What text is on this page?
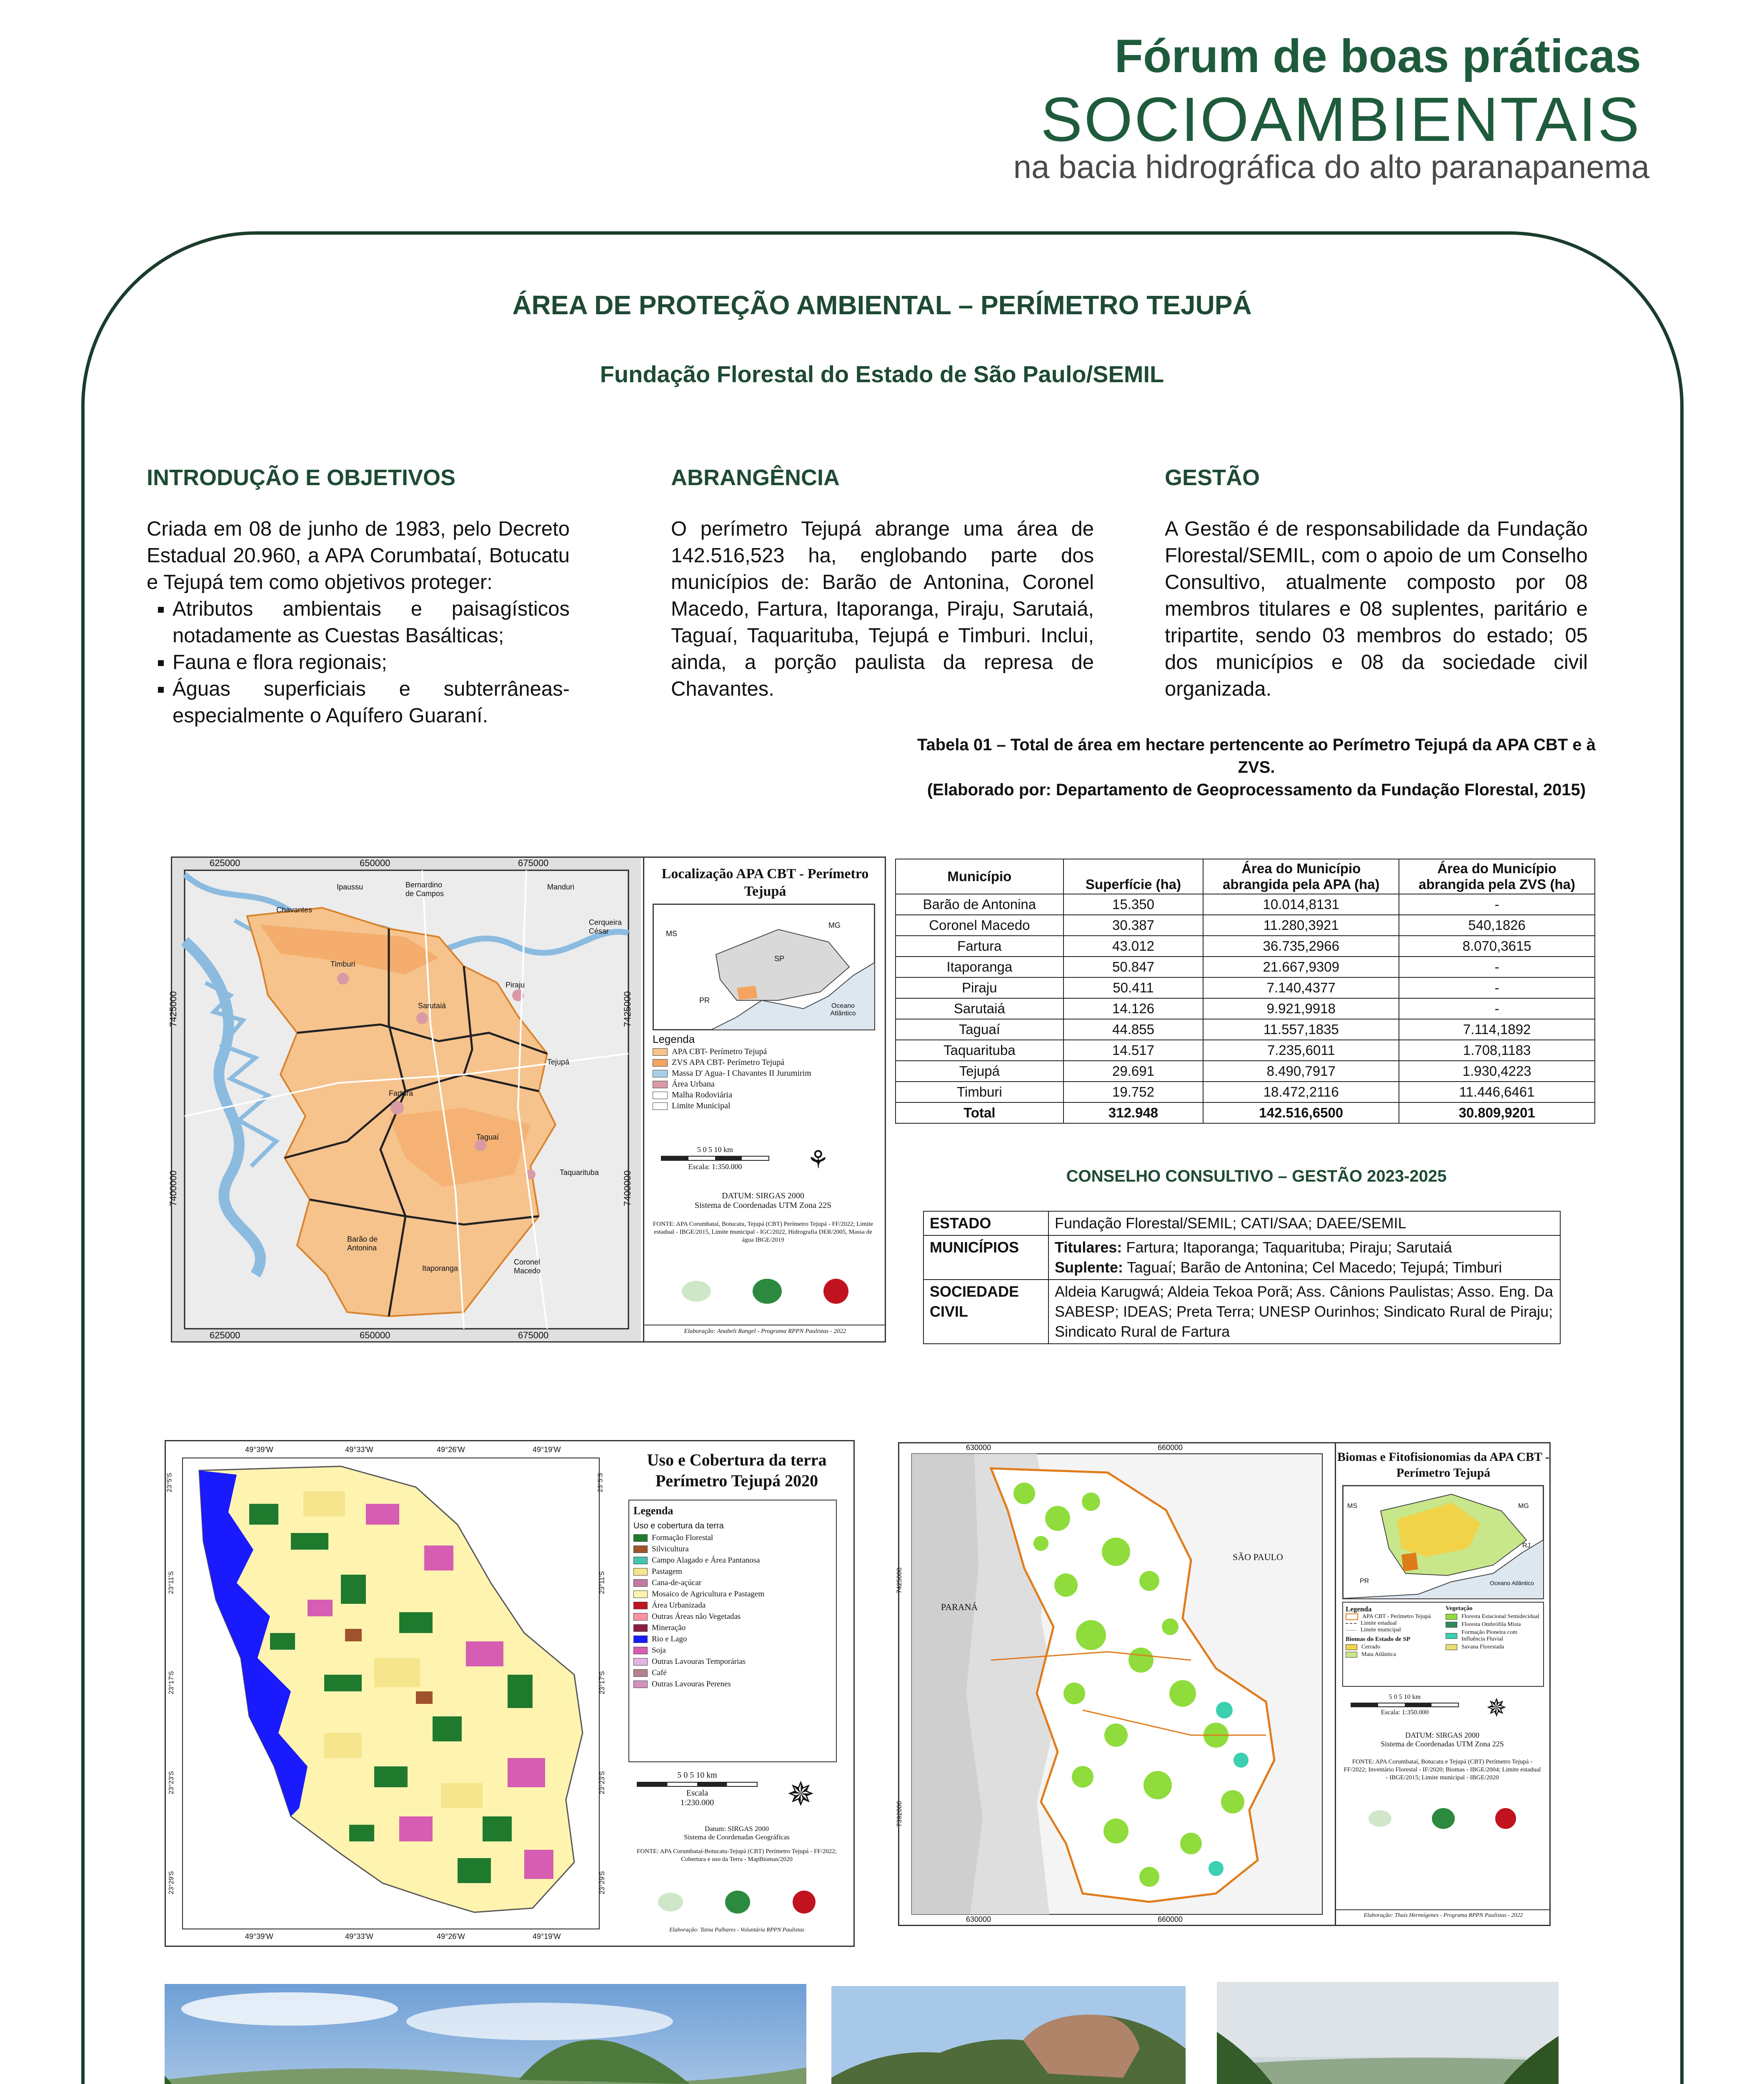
Fórum de boas práticas
SOCIOAMBIENTAIS
na bacia hidrográfica do alto paranapanema
ÁREA DE PROTEÇÃO AMBIENTAL – PERÍMETRO TEJUPÁ
Fundação Florestal do Estado de São Paulo/SEMIL
INTRODUÇÃO E OBJETIVOS
Criada em 08 de junho de 1983, pelo Decreto Estadual 20.960, a APA Corumbataí, Botucatu e Tejupá tem como objetivos proteger:
▪ Atributos ambientais e paisagísticos notadamente as Cuestas Basálticas;
▪ Fauna e flora regionais;
▪ Águas superficiais e subterrâneas- especialmente o Aquífero Guaraní.
ABRANGÊNCIA
O perímetro Tejupá abrange uma área de 142.516,523 ha, englobando parte dos municípios de: Barão de Antonina, Coronel Macedo, Fartura, Itaporanga, Piraju, Sarutaiá, Taguaí, Taquarituba, Tejupá e Timburi. Inclui, ainda, a porção paulista da represa de Chavantes.
GESTÃO
A Gestão é de responsabilidade da Fundação Florestal/SEMIL, com o apoio de um Conselho Consultivo, atualmente composto por 08 membros titulares e 08 suplentes, paritário e tripartite, sendo 03 membros do estado; 05 dos municípios e 08 da sociedade civil organizada.
Tabela 01 – Total de área em hectare pertencente ao Perímetro Tejupá da APA CBT e à ZVS.
(Elaborado por: Departamento de Geoprocessamento da Fundação Florestal, 2015)
Município	Superfície (ha)	Área do Município abrangida pela APA (ha)	Área do Município abrangida pela ZVS (ha)
Barão de Antonina	15.350	10.014,8131	-
Coronel Macedo	30.387	11.280,3921	540,1826
Fartura	43.012	36.735,2966	8.070,3615
Itaporanga	50.847	21.667,9309	-
Piraju	50.411	7.140,4377	-
Sarutaiá	14.126	9.921,9918	-
Taguaí	44.855	11.557,1835	7.114,1892
Taquarituba	14.517	7.235,6011	1.708,1183
Tejupá	29.691	8.490,7917	1.930,4223
Timburi	19.752	18.472,2116	11.446,6461
Total	312.948	142.516,6500	30.809,9201
CONSELHO CONSULTIVO – GESTÃO 2023-2025
ESTADO	Fundação Florestal/SEMIL; CATI/SAA; DAEE/SEMIL
MUNICÍPIOS	Titulares: Fartura; Itaporanga; Taquarituba; Piraju; Sarutaiá
Suplente: Taguaí; Barão de Antonina; Cel Macedo; Tejupá; Timburi

SOCIEDADE
CIVIL	Aldeia Karugwá; Aldeia Tekoa Porã; Ass. Cânions Paulistas; Asso. Eng. Da SABESP; IDEAS; Preta Terra; UNESP Ourinhos; Sindicato Rural de Piraju; Sindicato Rural de Fartura
625000	650000	675000
625000	650000	675000
7425000
7400000
7425000
7400000
Ipaussu	Bernardino de Campos
Manduri
Chavantes
Cerqueira César
Timburi
Sarutaiá
Piraju
Tejupá
Fartura
Taguaí
Taquarituba
Barão de Antonina
Itaporanga
Coronel Macedo
Localização APA CBT - Perímetro Tejupá
MS
MG
SP
PR
Oceano Atlântico
Legenda
APA CBT- Perímetro Tejupá
ZVS APA CBT- Perímetro Tejupá
Massa D' Agua- I Chavantes II Jurumirim
Área Urbana
Malha Rodoviária
Limite Municipal
5 0 5 10 km
Escala: 1:350.000	⚘
DATUM: SIRGAS 2000
Sistema de Coordenadas UTM Zona 22S
FONTE: APA Corumbataí, Botucatu, Tejupá (CBT) Perímetro Tejupá - FF/2022; Limite estadual - IBGE/2015, Limite municipal - IGC/2022, Hidrografia DER/2005, Massa de água IBGE/2019
Elaboração: Anabeli Rangel - Programa RPPN Paulistas - 2022
49°39'W	49°33'W	49°26'W	49°19'W
49°39'W	49°33'W	49°26'W	49°19'W
23°5'S
23°11'S
23°17'S
23°23'S
23°29'S
23°5'S
23°11'S
23°17'S
23°23'S
23°29'S
Uso e Cobertura da terra
Perímetro Tejupá 2020
Legenda
Uso e cobertura da terra
Formação Florestal
Silvicultura
Campo Alagado e Área Pantanosa
Pastagem
Cana-de-açúcar
Mosaico de Agricultura e Pastagem
Área Urbanizada
Outras Áreas não Vegetadas
Mineração
Rio e Lago
Soja
Outras Lavouras Temporárias
Café
Outras Lavouras Perenes
5 0 5 10 km
Escala
1:230.000	✵
Datum: SIRGAS 2000
Sistema de Coordenadas Geográficas
FONTE: APA Corumbataí-Botucatu-Tejupá (CBT) Perímetro Tejupá - FF/2022; Cobertura e uso da Terra - MapBiomas/2020
Elaboração: Taina Palhares - Voluntária RPPN Paulistas
630000	660000
630000	660000
7425000
7392000
PARANÁ
SÃO PAULO
Biomas e Fitofisionomias da APA CBT - Perímetro Tejupá
MS	MG
RJ
PR	Oceano Atlântico
Legenda
APA CBT - Perímetro Tejupá
Limite estadual
Limite municipal
Biomas do Estado de SP
Cerrado
Mata Atlântica
Vegetação
Floresta Estacional Semidecidual
Floresta Ombrófila Mista
Formação Pioneira com Influência Fluvial
Savana Florestada
5 0 5 10 km
Escala: 1:350.000	✵
DATUM: SIRGAS 2000
Sistema de Coordenadas UTM Zona 22S
FONTE: APA Corumbataí, Botucatu e Tejupá (CBT) Perímetro Tejupá - FF/2022; Inventário Florestal - IF/2020; Biomas - IBGE/2004; Limite estadual - IBGE/2015; Limite municipal - IBGE/2020
Elaboração: Thaís Hermógenes - Programa RPPN Paulistas - 2022
